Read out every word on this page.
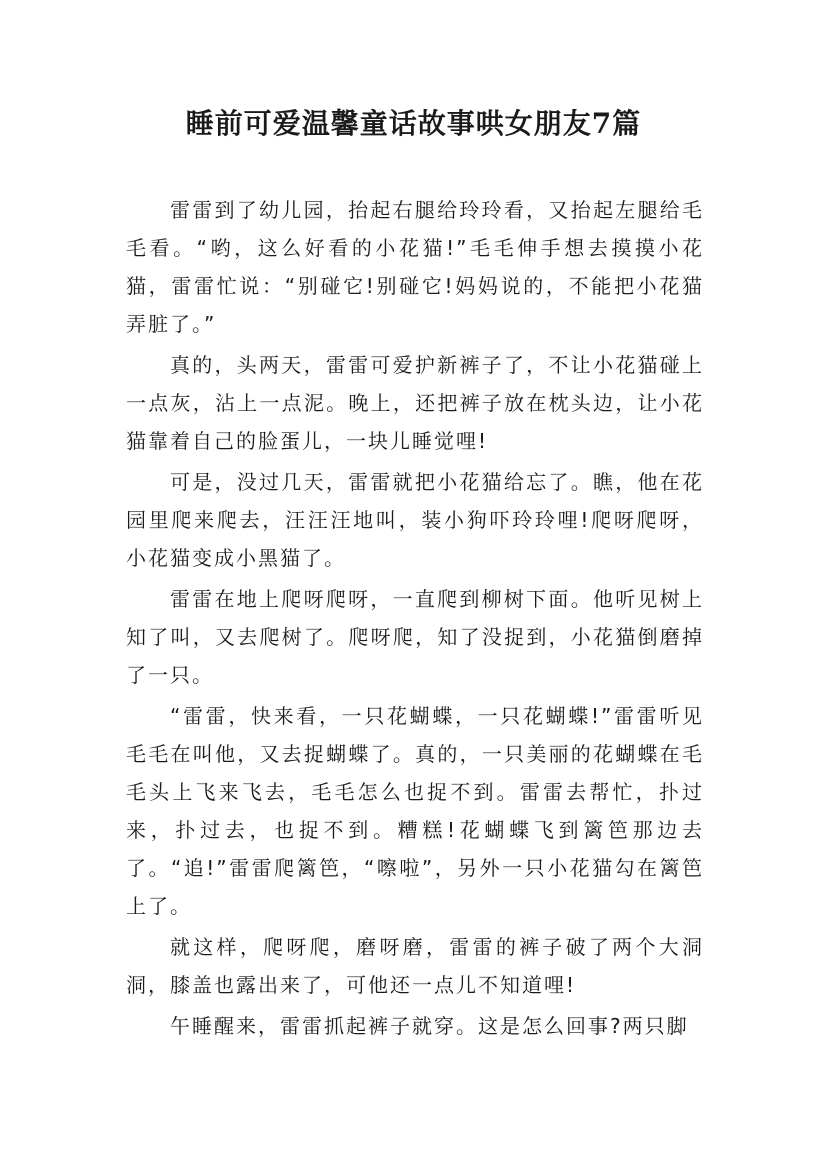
睡前可爱温馨童话故事哄女朋友7篇

雷雷到了幼儿园，抬起右腿给玲玲看，又抬起左腿给毛毛看。“哟，这么好看的小花猫!”毛毛伸手想去摸摸小花猫，雷雷忙说：“别碰它!别碰它!妈妈说的，不能把小花猫弄脏了。”

真的，头两天，雷雷可爱护新裤子了，不让小花猫碰上一点灰，沾上一点泥。晚上，还把裤子放在枕头边，让小花猫靠着自己的脸蛋儿，一块儿睡觉哩!

可是，没过几天，雷雷就把小花猫给忘了。瞧，他在花园里爬来爬去，汪汪汪地叫，装小狗吓玲玲哩!爬呀爬呀，小花猫变成小黑猫了。

雷雷在地上爬呀爬呀，一直爬到柳树下面。他听见树上知了叫，又去爬树了。爬呀爬，知了没捉到，小花猫倒磨掉了一只。

“雷雷，快来看，一只花蝴蝶，一只花蝴蝶!”雷雷听见毛毛在叫他，又去捉蝴蝶了。真的，一只美丽的花蝴蝶在毛毛头上飞来飞去，毛毛怎么也捉不到。雷雷去帮忙，扑过来，扑过去，也捉不到。糟糕!花蝴蝶飞到篱笆那边去了。“追!”雷雷爬篱笆，“嚓啦”，另外一只小花猫勾在篱笆上了。

就这样，爬呀爬，磨呀磨，雷雷的裤子破了两个大洞洞，膝盖也露出来了，可他还一点儿不知道哩!

午睡醒来，雷雷抓起裤子就穿。这是怎么回事?两只脚
